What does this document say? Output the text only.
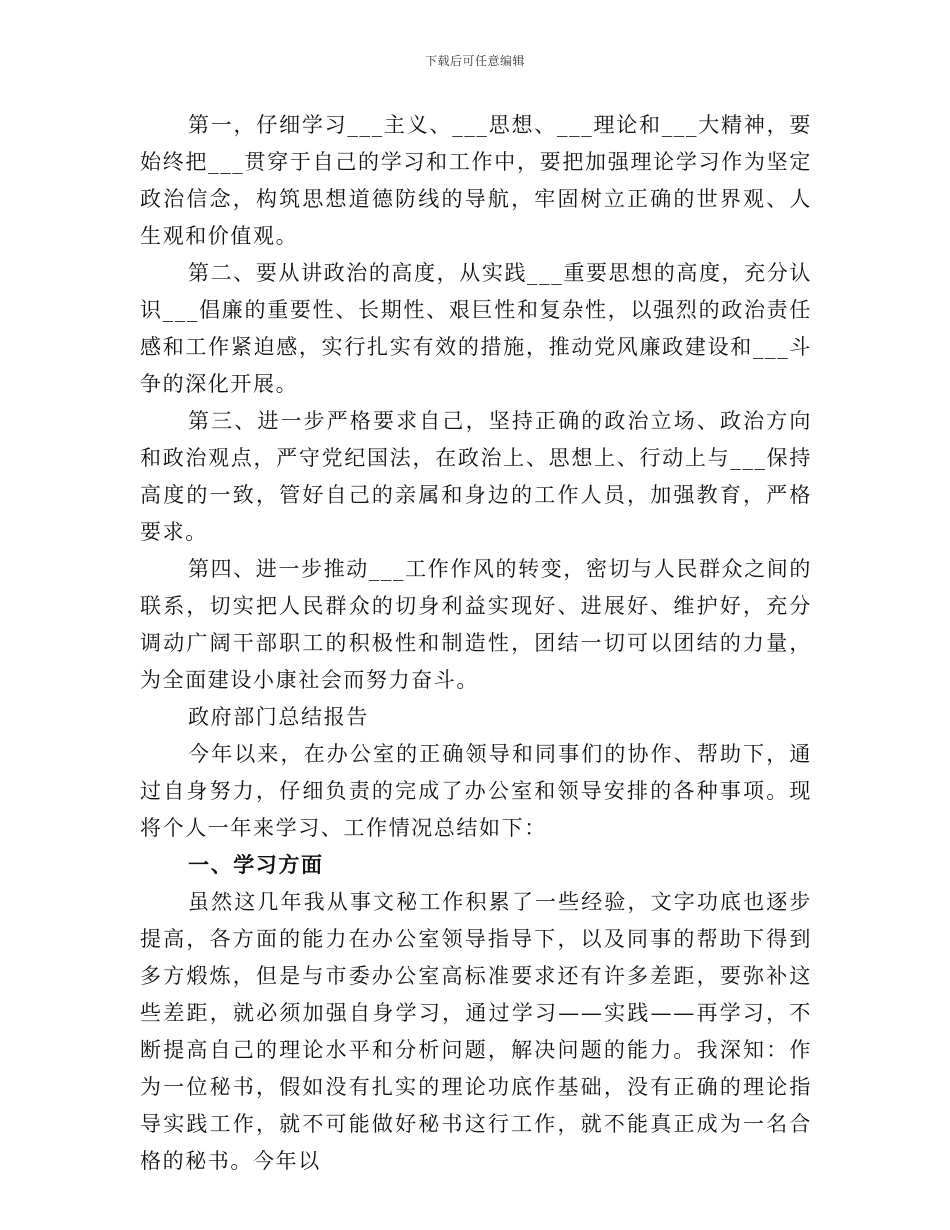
下载后可任意编辑

第一，仔细学习___主义、___思想、___理论和___大精神，要始终把___贯穿于自己的学习和工作中，要把加强理论学习作为坚定政治信念，构筑思想道德防线的导航，牢固树立正确的世界观、人生观和价值观。

第二、要从讲政治的高度，从实践___重要思想的高度，充分认识___倡廉的重要性、长期性、艰巨性和复杂性，以强烈的政治责任感和工作紧迫感，实行扎实有效的措施，推动党风廉政建设和___斗争的深化开展。

第三、进一步严格要求自己，坚持正确的政治立场、政治方向和政治观点，严守党纪国法，在政治上、思想上、行动上与___保持高度的一致，管好自己的亲属和身边的工作人员，加强教育，严格要求。

第四、进一步推动___工作作风的转变，密切与人民群众之间的联系，切实把人民群众的切身利益实现好、进展好、维护好，充分调动广阔干部职工的积极性和制造性，团结一切可以团结的力量，为全面建设小康社会而努力奋斗。

政府部门总结报告

今年以来，在办公室的正确领导和同事们的协作、帮助下，通过自身努力，仔细负责的完成了办公室和领导安排的各种事项。现将个人一年来学习、工作情况总结如下：

一、学习方面

虽然这几年我从事文秘工作积累了一些经验，文字功底也逐步提高，各方面的能力在办公室领导指导下，以及同事的帮助下得到多方煅炼，但是与市委办公室高标准要求还有许多差距，要弥补这些差距，就必须加强自身学习，通过学习——实践——再学习，不断提高自己的理论水平和分析问题，解决问题的能力。我深知：作为一位秘书，假如没有扎实的理论功底作基础，没有正确的理论指导实践工作，就不可能做好秘书这行工作，就不能真正成为一名合格的秘书。今年以
